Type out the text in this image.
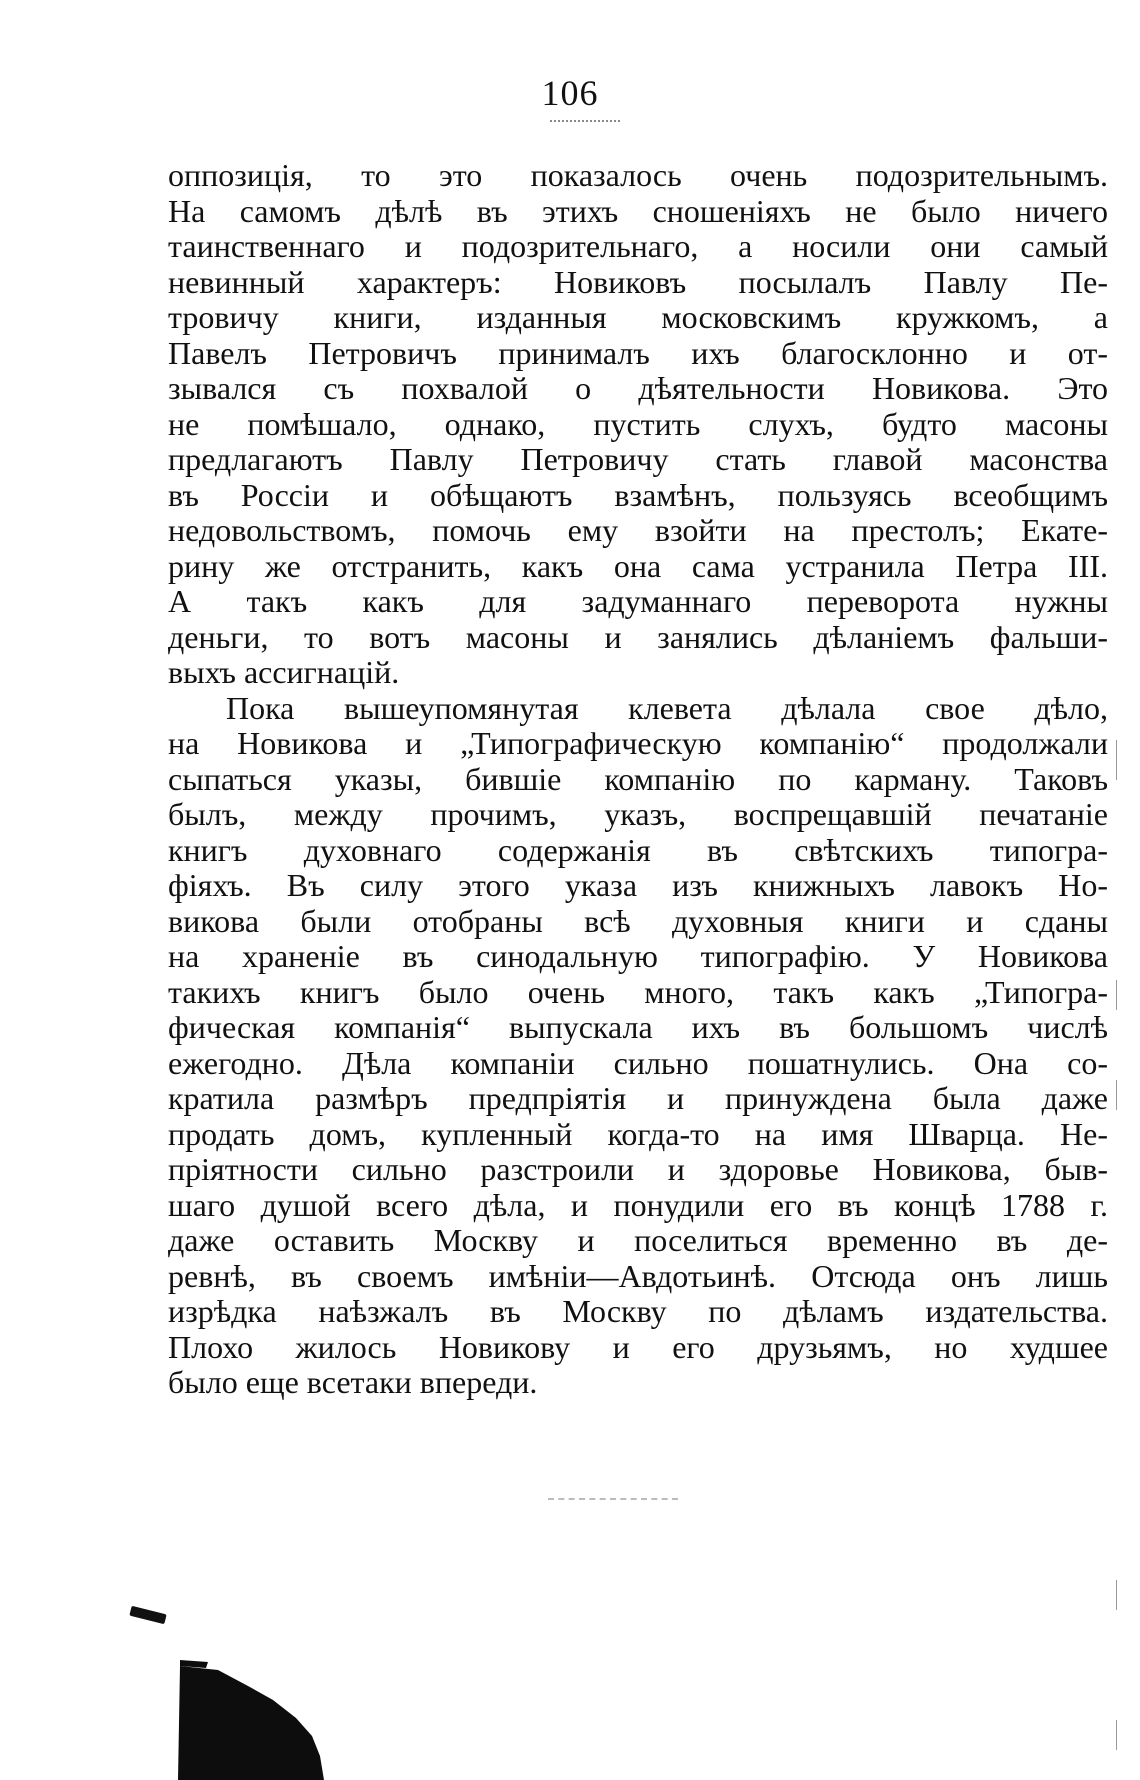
106
оппозиція, то это показалось очень подозрительнымъ.
На самомъ дѣлѣ въ этихъ сношеніяхъ не было ничего
таинственнаго и подозрительнаго, а носили они самый
невинный характеръ: Новиковъ посылалъ Павлу Пе-
тровичу книги, изданныя московскимъ кружкомъ, а
Павелъ Петровичъ принималъ ихъ благосклонно и от-
зывался съ похвалой о дѣятельности Новикова. Это
не помѣшало, однако, пустить слухъ, будто масоны
предлагаютъ Павлу Петровичу стать главой масонства
въ Россіи и обѣщаютъ взамѣнъ, пользуясь всеобщимъ
недовольствомъ, помочь ему взойти на престолъ; Екате-
рину же отстранить, какъ она сама устранила Петра III.
А такъ какъ для задуманнаго переворота нужны
деньги, то вотъ масоны и занялись дѣланіемъ фальши-
выхъ ассигнацій.
Пока вышеупомянутая клевета дѣлала свое дѣло,
на Новикова и „Типографическую компанію“ продолжали
сыпаться указы, бившіе компанію по карману. Таковъ
былъ, между прочимъ, указъ, воспрещавшій печатаніе
книгъ духовнаго содержанія въ свѣтскихъ типогра-
фіяхъ. Въ силу этого указа изъ книжныхъ лавокъ Но-
викова были отобраны всѣ духовныя книги и сданы
на храненіе въ синодальную типографію. У Новикова
такихъ книгъ было очень много, такъ какъ „Типогра-
фическая компанія“ выпускала ихъ въ большомъ числѣ
ежегодно. Дѣла компаніи сильно пошатнулись. Она со-
кратила размѣръ предпріятія и принуждена была даже
продать домъ, купленный когда-то на имя Шварца. Не-
пріятности сильно разстроили и здоровье Новикова, быв-
шаго душой всего дѣла, и понудили его въ концѣ 1788 г.
даже оставить Москву и поселиться временно въ де-
ревнѣ, въ своемъ имѣніи—Авдотьинѣ. Отсюда онъ лишь
изрѣдка наѣзжалъ въ Москву по дѣламъ издательства.
Плохо жилось Новикову и его друзьямъ, но худшее
было еще всетаки впереди.
